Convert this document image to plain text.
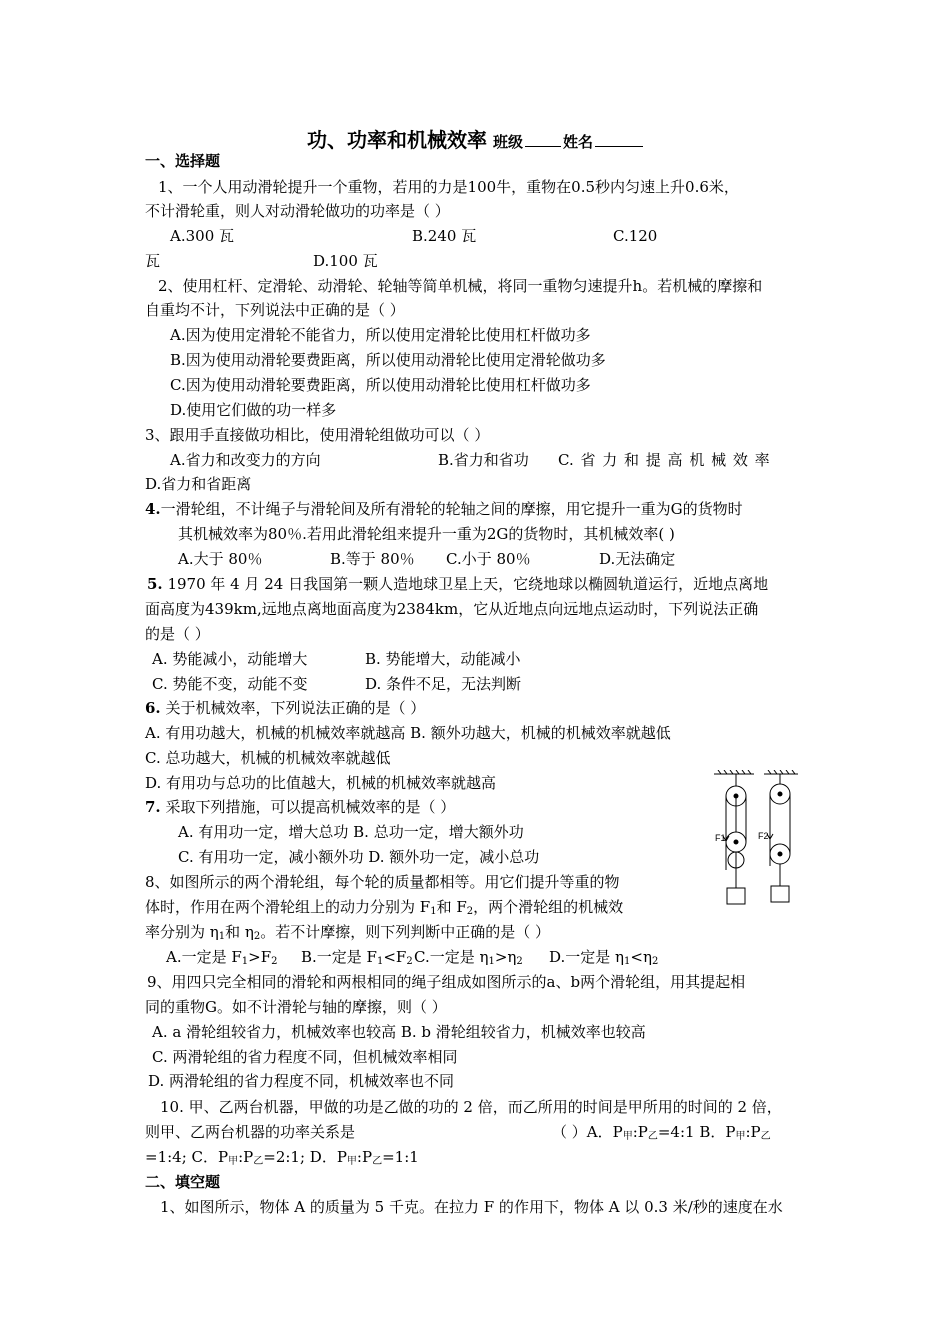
功、功率和机械效率 班级	姓名
一、选择题
1、一个人用动滑轮提升一个重物，若用的力是100牛，重物在0.5秒内匀速上升0.6米，
不计滑轮重，则人对动滑轮做功的功率是（ ）
A.300 瓦	B.240 瓦	C.120
瓦	D.100 瓦
2、使用杠杆、定滑轮、动滑轮、轮轴等简单机械，将同一重物匀速提升h。若机械的摩擦和
自重均不计，下列说法中正确的是（ ）
A.因为使用定滑轮不能省力，所以使用定滑轮比使用杠杆做功多
B.因为使用动滑轮要费距离，所以使用动滑轮比使用定滑轮做功多
C.因为使用动滑轮要费距离，所以使用动滑轮比使用杠杆做功多
D.使用它们做的功一样多
3、跟用手直接做功相比，使用滑轮组做功可以（ ）
A.省力和改变力的方向	B.省力和省功	C. 省 力 和 提 高 机 械 效 率
D.省力和省距离
4.一滑轮组，不计绳子与滑轮间及所有滑轮的轮轴之间的摩擦，用它提升一重为G的货物时
其机械效率为80％.若用此滑轮组来提升一重为2G的货物时，其机械效率( )
A.大于 80％	B.等于 80％	C.小于 80％	D.无法确定
5. 1970 年 4 月 24 日我国第一颗人造地球卫星上天，它绕地球以椭圆轨道运行，近地点离地
面高度为439km,远地点离地面高度为2384km，它从近地点向远地点运动时，下列说法正确
的是（ ）
A. 势能减小，动能增大	B. 势能增大，动能减小
C. 势能不变，动能不变	D. 条件不足，无法判断
6. 关于机械效率，下列说法正确的是（ ）
A. 有用功越大，机械的机械效率就越高 B. 额外功越大，机械的机械效率就越低
C. 总功越大，机械的机械效率就越低
D. 有用功与总功的比值越大，机械的机械效率就越高
7. 采取下列措施，可以提高机械效率的是（ ）
A. 有用功一定，增大总功 B. 总功一定，增大额外功
C. 有用功一定，减小额外功 D. 额外功一定，减小总功
F1	F2
8、如图所示的两个滑轮组，每个轮的质量都相等。用它们提升等重的物
体时，作用在两个滑轮组上的动力分别为 $F_1$和 $F_2$，两个滑轮组的机械效
率分别为 $\eta_1$和 $\eta_2$。若不计摩擦，则下列判断中正确的是（ ）
A.一定是 $F_1>F_2$	B.一定是 $F_1<F_2$ C.一定是 $\eta_1>\eta_2$	D.一定是 $\eta_1<\eta_2$
9、用四只完全相同的滑轮和两根相同的绳子组成如图所示的a、b两个滑轮组，用其提起相
同的重物G。如不计滑轮与轴的摩擦，则（ ）
A. a 滑轮组较省力，机械效率也较高 B. b 滑轮组较省力，机械效率也较高
C. 两滑轮组的省力程度不同，但机械效率相同
D. 两滑轮组的省力程度不同，机械效率也不同
10. 甲、乙两台机器，甲做的功是乙做的功的 2 倍，而乙所用的时间是甲所用的时间的 2 倍，
则甲、乙两台机器的功率关系是	（ ）A．$P_甲:P_乙=4:1$ B．$P_甲:P_乙$
=1:4; C．$P_甲:P_乙=2:1$; D．$P_甲:P_乙=1:1$
二、填空题
1、如图所示，物体 A 的质量为 5 千克。在拉力 F 的作用下，物体 A 以 0.3 米/秒的速度在水
